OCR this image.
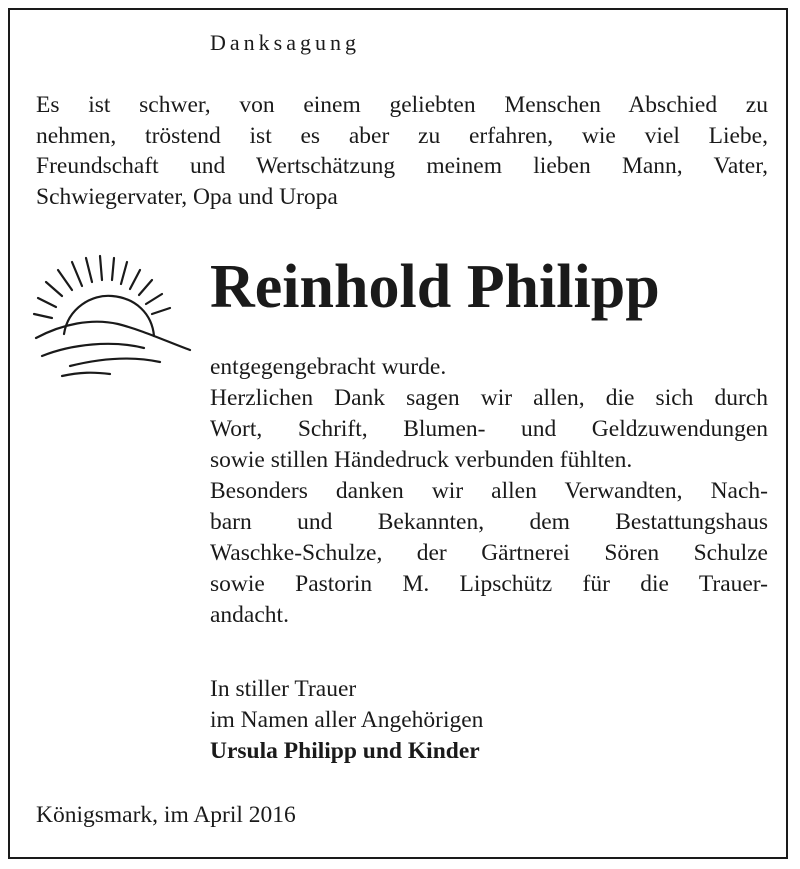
Danksagung
Es ist schwer, von einem geliebten Menschen Abschied zu
nehmen, tröstend ist es aber zu erfahren, wie viel Liebe,
Freundschaft und Wertschätzung meinem lieben Mann, Vater,
Schwiegervater, Opa und Uropa
Reinhold Philipp
entgegengebracht wurde.
Herzlichen Dank sagen wir allen, die sich durch
Wort, Schrift, Blumen- und Geldzuwendungen
sowie stillen Händedruck verbunden fühlten.
Besonders danken wir allen Verwandten, Nach-
barn und Bekannten, dem Bestattungshaus
Waschke-Schulze, der Gärtnerei Sören Schulze
sowie Pastorin M. Lipschütz für die Trauer-
andacht.
In stiller Trauer
im Namen aller Angehörigen
Ursula Philipp und Kinder
Königsmark, im April 2016
